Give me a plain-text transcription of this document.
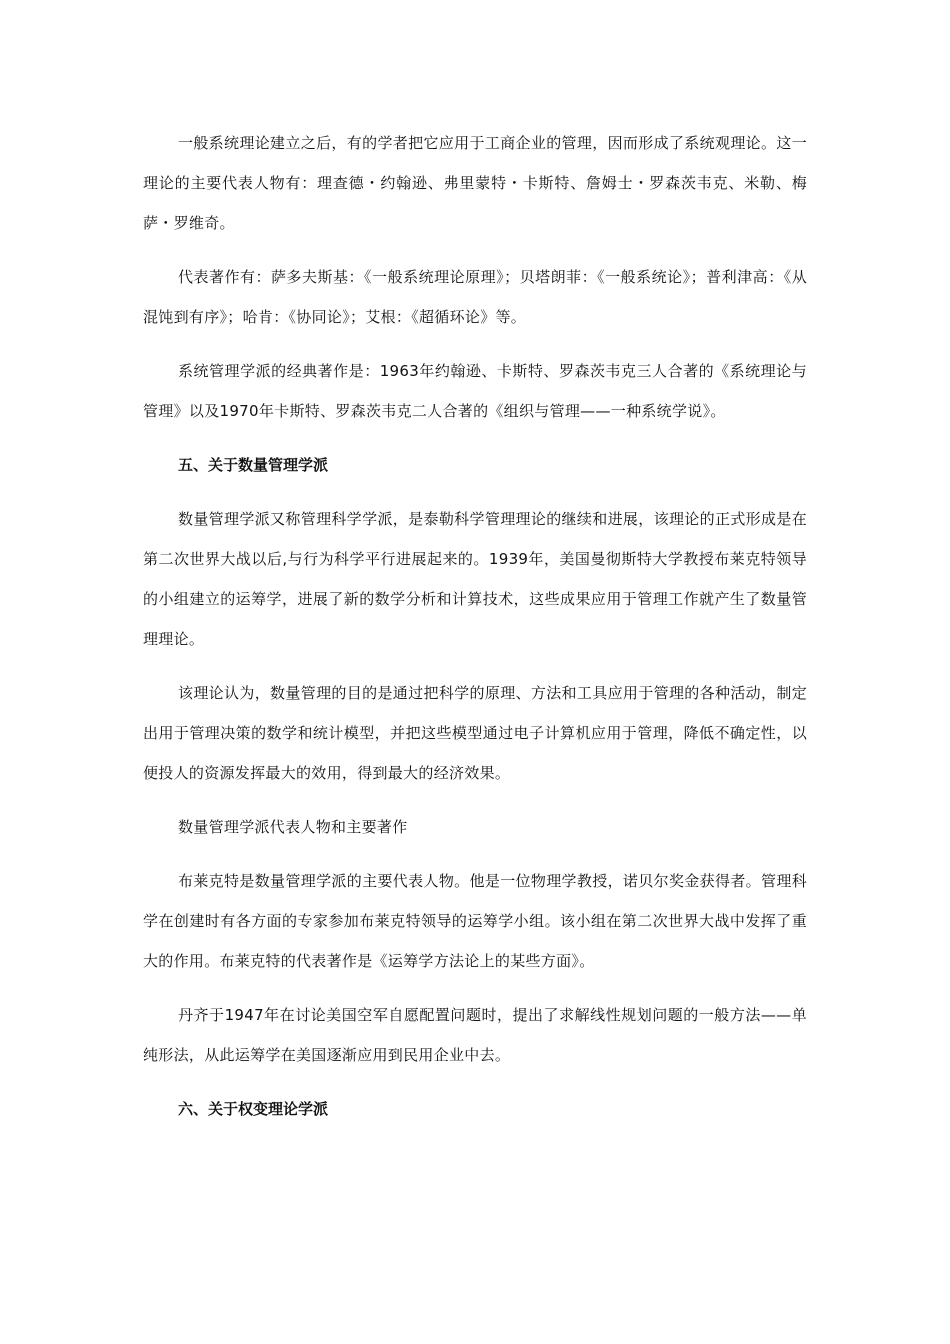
一般系统理论建立之后，有的学者把它应用于工商企业的管理，因而形成了系统观理论。这一理论的主要代表人物有：理查德・约翰逊、弗里蒙特・卡斯特、詹姆士・罗森茨韦克、米勒、梅萨・罗维奇。

代表著作有：萨多夫斯基：《一般系统理论原理》；贝塔朗菲：《一般系统论》；普利津高：《从混饨到有序》；哈肯：《协同论》；艾根：《超循环论》等。

系统管理学派的经典著作是：1963年约翰逊、卡斯特、罗森茨韦克三人合著的《系统理论与管理》以及1970年卡斯特、罗森茨韦克二人合著的《组织与管理——一种系统学说》。

五、关于数量管理学派

数量管理学派又称管理科学学派，是泰勒科学管理理论的继续和进展，该理论的正式形成是在第二次世界大战以后,与行为科学平行进展起来的。1939年，美国曼彻斯特大学教授布莱克特领导的小组建立的运筹学，进展了新的数学分析和计算技术，这些成果应用于管理工作就产生了数量管理理论。

该理论认为，数量管理的目的是通过把科学的原理、方法和工具应用于管理的各种活动，制定出用于管理决策的数学和统计模型，并把这些模型通过电子计算机应用于管理，降低不确定性，以便投人的资源发挥最大的效用，得到最大的经济效果。

数量管理学派代表人物和主要著作

布莱克特是数量管理学派的主要代表人物。他是一位物理学教授，诺贝尔奖金获得者。管理科学在创建时有各方面的专家参加布莱克特领导的运筹学小组。该小组在第二次世界大战中发挥了重大的作用。布莱克特的代表著作是《运筹学方法论上的某些方面》。

丹齐于1947年在讨论美国空军自愿配置问题时，提出了求解线性规划问题的一般方法——单纯形法，从此运筹学在美国逐渐应用到民用企业中去。

六、关于权变理论学派
